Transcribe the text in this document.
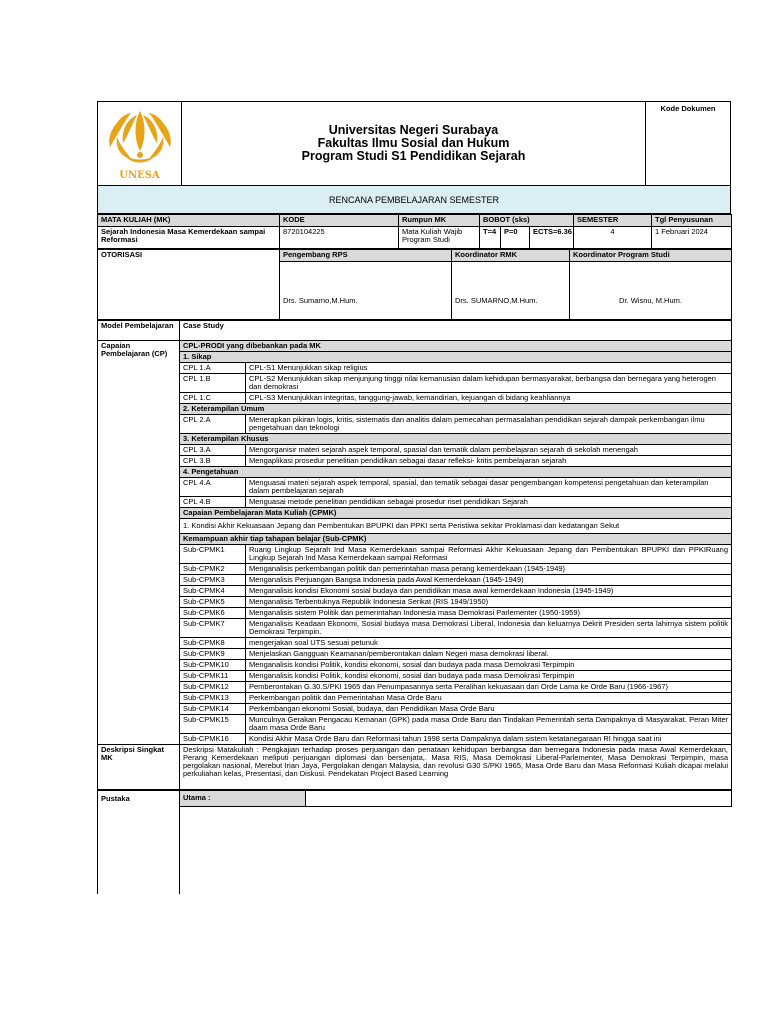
UNESA
Universitas Negeri Surabaya
Fakultas Ilmu Sosial dan Hukum
Program Studi S1 Pendidikan Sejarah
Kode Dokumen
RENCANA PEMBELAJARAN SEMESTER
MATA KULIAH (MK)	KODE	Rumpun MK	BOBOT (sks)			SEMESTER	Tgl Penyusunan
Sejarah Indonesia Masa Kemerdekaan sampai Reformasi	8720104225	Mata Kuliah Wajib Program Studi	T=4	P=0	ECTS=6.36	4	1 Februari 2024
OTORISASI	Pengembang RPS	Koordinator RMK	Koordinator Program Studi
	Drs. Sumarno,M.Hum.	Drs. SUMARNO,M.Hum.	Dr. Wisnu, M.Hum.
Model Pembelajaran	Case Study	
Capaian Pembelajaran (CP)	CPL-PRODI yang dibebankan pada MK	
	1. Sikap	
	CPL 1.A	CPL-S1 Menunjukkan sikap religius
	CPL 1.B	CPL-S2 Menunjukkan sikap menjunjung tinggi nilai kemanusian dalam kehidupan bermasyarakat, berbangsa dan bernegara yang heterogen dan demokrasi
	CPL 1.C	CPL-S3 Menunjukkan integritas, tanggung-jawab, kemandirian, kejuangan di bidang keahliannya
	2. Keterampilan Umum	
	CPL 2.A	Menerapkan pikiran logis, kritis, sistematis dan analitis dalam pemecahan permasalahan pendidikan sejarah dampak perkembangan ilmu pengetahuan dan teknologi
	3. Keterampilan Khusus	
	CPL 3.A	Mengorganisir materi sejarah aspek temporal, spasial dan tematik dalam pembelajaran sejarah di sekolah menengah
	CPL 3.B	Mengaplikasi prosedur penelitian pendidikan sebagai dasar refleksi- kritis pembelajaran sejarah
	4. Pengetahuan	
	CPL 4.A	Menguasai materi sejarah aspek temporal, spasial, dan tematik sebagai dasar pengembangan kompetensi pengetahuan dan keterampilan dalam pembelajaran sejarah
	CPL 4.B	Menguasai metode penelitian pendidikan sebagai prosedur riset pendidikan Sejarah
	Capaian Pembelajaran Mata Kuliah (CPMK)	
	1. Kondisi Akhir Kekuasaan Jepang dan Pembentukan BPUPKI dan PPKI serta Peristiwa sekitar Proklamasi dan kedatangan Sekut	
	Kemampuan akhir tiap tahapan belajar (Sub-CPMK)	
	Sub-CPMK1	Ruang Lingkup Sejarah Ind Masa Kemerdekaan sampai Reformasi Akhir Kekuasaan Jepang dan Pembentukan BPUPKI dan PPKIRuang Lingkup Sejarah Ind Masa Kemerdekaan sampai Reformasi
	Sub-CPMK2	Menganalisis perkembangan politik dan pemerintahan masa perang kemerdekaan (1945-1949)
	Sub-CPMK3	Menganalisis Perjuangan Bangsa Indonesia pada Awal Kemerdekaan (1945-1949)
	Sub-CPMK4	Menganalisis kondisi Ekonomi sosial budaya dan pendidikan masa awal kemerdekaan Indonesia (1945-1949)
	Sub-CPMK5	Menganalisis Terbentuknya Republik Indonesia Serikat (RIS 1949/1950)
	Sub-CPMK6	Menganalisis sistem Politik dan pemerintahan Indonesia masa Demokrasi Parlementer (1950-1959)
	Sub-CPMK7	Menganalisis Keadaan Ekonomi, Sosial budaya masa Demokrasi Liberal, Indonesia dan keluarnya Dekrit Presiden serta lahirnya sistem politik Demokrasi Terpimpin.
	Sub-CPMK8	mengerjakan soal UTS sesuai petunuk
	Sub-CPMK9	Menjelaskan Gangguan Keamanan/pemberontakan dalam Negeri masa demokrasi liberal.
	Sub-CPMK10	Menganalisis kondisi Politik, kondisi ekonomi, sosial dan budaya pada masa Demokrasi Terpimpin
	Sub-CPMK11	Menganalisis kondisi Politik, kondisi ekonomi, sosial dan budaya pada masa Demokrasi Terpimpin
	Sub-CPMK12	Pemberontakan G.30.S/PKI 1965 dan Penumpasannya serta Peralihan kekuasaan dari Orde Lama ke Orde Baru (1966-1967)
	Sub-CPMK13	Perkembangan politik dan Pemerintahan Masa Orde Baru
	Sub-CPMK14	Perkembangan ekonomi Sosial, budaya, dan Pendidikan Masa Orde Baru
	Sub-CPMK15	Munculnya Gerakan Pengacau Kemanan (GPK) pada masa Orde Baru dan Tindakan Pemerintah serta Dampaknya di Masyarakat. Peran Miter daam masa Orde Baru
	Sub-CPMK16	Kondisi Akhir Masa Orde Baru dan Reformasi tahun 1998 serta Dampaknya dalam sistem ketatanegaraan RI hingga saat ini
Deskripsi Singkat MK	Deskripsi Matakuliah : Pengkajian terhadap proses perjuangan dan penataan kehidupan berbangsa dan bernegara Indonesia pada masa Awal Kemerdekaan, Perang Kemerdekaan meliputi perjuangan diplomasi dan bersenjata,. Masa RIS, Masa Demokrasi Liberal-Parlementer, Masa Demokrasi Terpimpin, masa pergolakan nasional, Merebut Irian Jaya, Pergolakan dengan Malaysia, dan revolusi G30 S/PKI 1965, Masa Orde Baru dan Masa Reformasi Kuliah dicapai melalui perkuliahan kelas, Presentasi, dan Diskusi. Pendekatan Project Based Learning	
Pustaka	Utama :	
